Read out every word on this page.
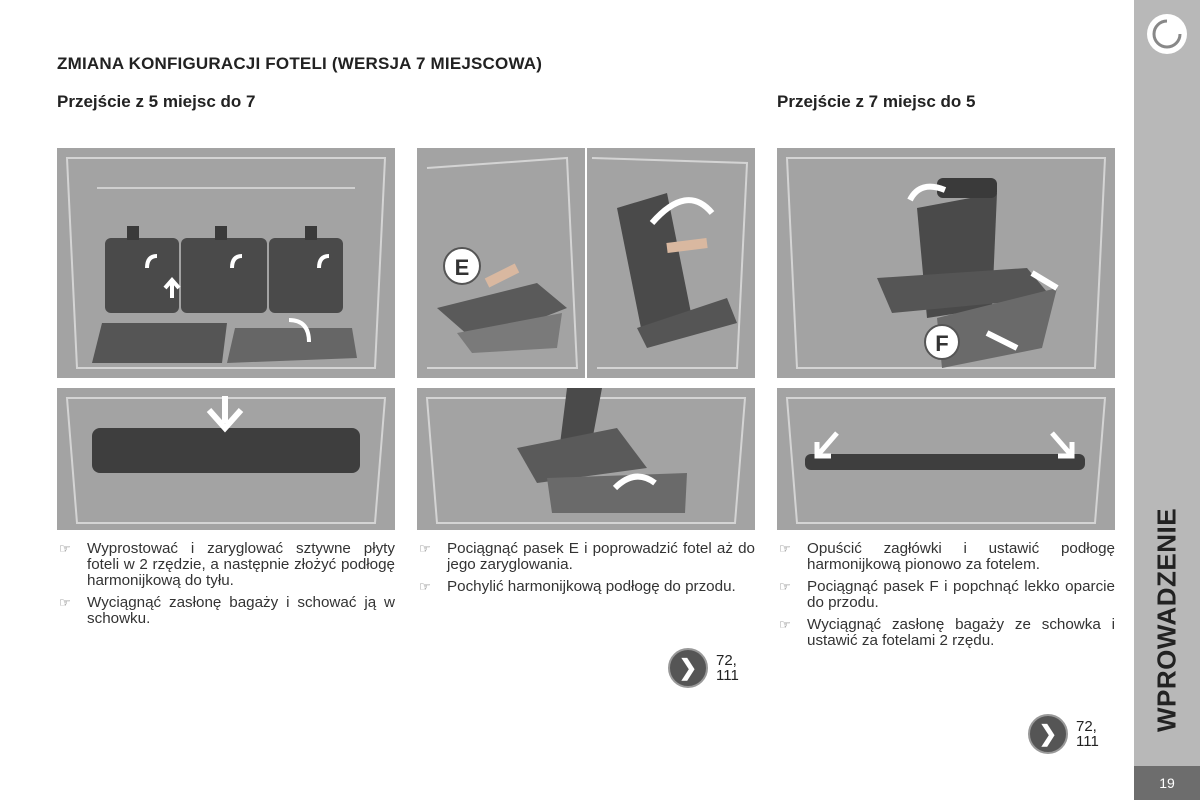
ZMIANA KONFIGURACJI FOTELI (WERSJA 7 MIEJSCOWA)
Przejście z 5 miejsc do 7	Przejście z 7 miejsc do 5
E
F
☞ Wyprostować i zaryglować sztywne płyty foteli w 2 rzędzie, a następnie złożyć podłogę harmonijkową do tyłu.
☞ Wyciągnąć zasłonę bagaży i schować ją w schowku.
☞ Pociągnąć pasek E i poprowadzić fotel aż do jego zaryglowania.
☞ Pochylić harmonijkową podłogę do przodu.
☞ Opuścić zagłówki i ustawić podłogę harmonijkową pionowo za fotelem.
☞ Pociągnąć pasek F i popchnąć lekko oparcie do przodu.
☞ Wyciągnąć zasłonę bagaży ze schowka i ustawić za fotelami 2 rzędu.
❯	72,
111
❯	72,
111
WPROWADZENIE
19
